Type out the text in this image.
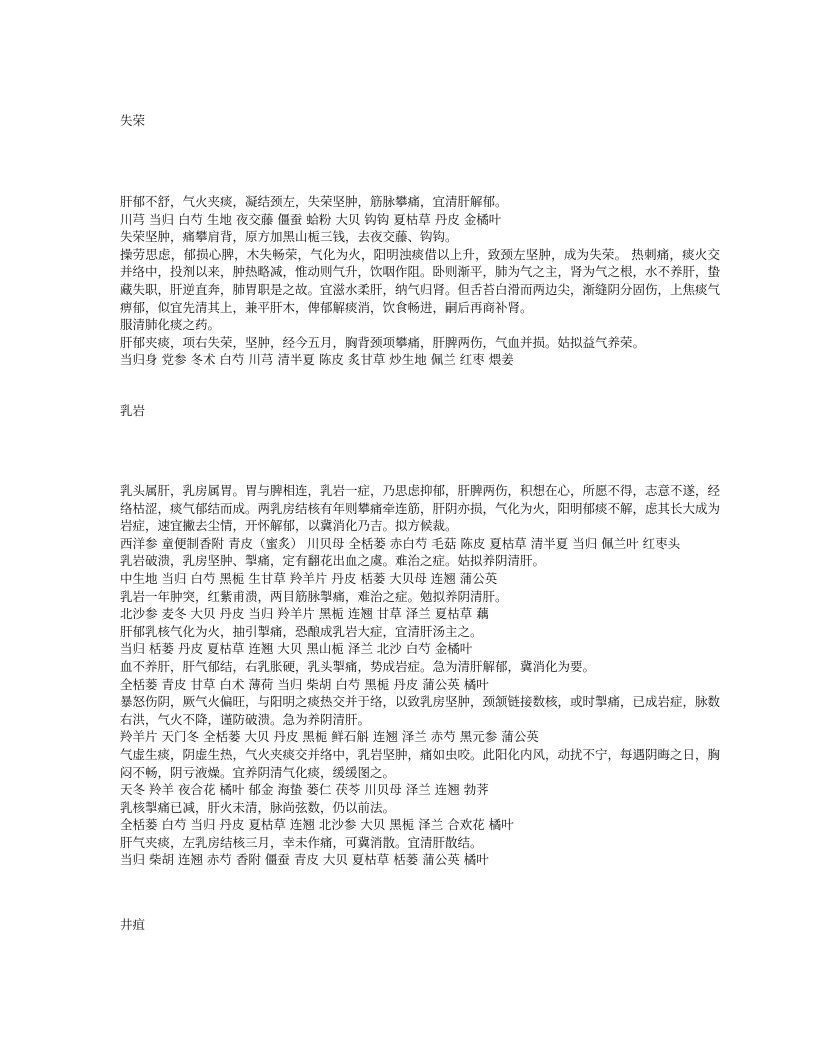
失荣

肝郁不舒，气火夹痰，凝结颈左，失荣坚肿，筋脉攀痛，宜清肝解郁。

川芎 当归 白芍 生地 夜交藤 僵蚕 蛤粉 大贝 钩钩 夏枯草 丹皮 金橘叶

失荣坚肿，痛攀肩背，原方加黑山栀三钱，去夜交藤、钩钩。

操劳思虑，郁损心脾，木失畅荣，气化为火，阳明浊痰借以上升，致颈左坚肿，成为失荣。 热刺痛，痰火交并络中，投剂以来，肿热略减，惟动则气升，饮咽作阻。卧则渐平，肺为气之主，肾为气之根，水不养肝，蛰藏失职，肝逆直奔，肺胃职是之故。宜滋水柔肝，纳气归肾。但舌苔白滑而两边尖，渐缝阴分固伤，上焦痰气痹郁，似宜先清其上，兼平肝木，俾郁解痰消，饮食畅进，嗣后再商补肾。

服清肺化痰之药。

肝郁夹痰，项右失荣，坚肿，经今五月，胸背颈项攀痛，肝脾两伤，气血并损。姑拟益气养荣。

当归身 党参 冬术 白芍 川芎 清半夏 陈皮 炙甘草 炒生地 佩兰 红枣 煨姜

乳岩

乳头属肝，乳房属胃。胃与脾相连，乳岩一症，乃思虑抑郁，肝脾两伤，积想在心，所愿不得，志意不遂，经络枯涩，痰气郁结而成。两乳房结核有年则攀痛牵连筋，肝阴亦损，气化为火，阳明郁痰不解，虑其长大成为岩症，速宜撇去尘情，开怀解郁，以冀消化乃吉。拟方候裁。

西洋参 童便制香附 青皮（蜜炙） 川贝母 全栝蒌 赤白芍 毛菇 陈皮 夏枯草 清半夏 当归 佩兰叶 红枣头

乳岩破溃，乳房坚肿、掣痛，定有翻花出血之虞。难治之症。姑拟养阴清肝。

中生地 当归 白芍 黑栀 生甘草 羚羊片 丹皮 栝蒌 大贝母 连翘 蒲公英

乳岩一年肿突，红紫甫溃，两目筋脉掣痛，难治之症。勉拟养阴清肝。

北沙参 麦冬 大贝 丹皮 当归 羚羊片 黑栀 连翘 甘草 泽兰 夏枯草 藕

肝郁乳核气化为火，抽引掣痛，恐酿成乳岩大症，宜清肝汤主之。

当归 栝蒌 丹皮 夏枯草 连翘 大贝 黑山栀 泽兰 北沙 白芍 金橘叶

血不养肝，肝气郁结，右乳胀硬，乳头掣痛，势成岩症。急为清肝解郁，冀消化为要。

全栝蒌 青皮 甘草 白术 薄荷 当归 柴胡 白芍 黑栀 丹皮 蒲公英 橘叶

暴怒伤阴，厥气火偏旺，与阳明之痰热交并于络，以致乳房坚肿，颈颔链接数核，或时掣痛，已成岩症，脉数右洪，气火不降，谨防破溃。急为养阴清肝。

羚羊片 天门冬 全栝蒌 大贝 丹皮 黑栀 鲜石斛 连翘 泽兰 赤芍 黑元参 蒲公英

气虚生痰，阴虚生热，气火夹痰交并络中，乳岩坚肿，痛如虫咬。此阳化内风，动扰不宁，每遇阴晦之日，胸闷不畅，阴亏液燥。宜养阴清气化痰，缓缓图之。

天冬 羚羊 夜合花 橘叶 郁金 海蛰 蒌仁 茯苓 川贝母 泽兰 连翘 勃荠

乳核掣痛已减，肝火未清，脉尚弦数，仍以前法。

全栝蒌 白芍 当归 丹皮 夏枯草 连翘 北沙参 大贝 黑栀 泽兰 合欢花 橘叶

肝气夹痰，左乳房结核三月，幸未作痛，可冀消散。宜清肝散结。

当归 柴胡 连翘 赤芍 香附 僵蚕 青皮 大贝 夏枯草 栝蒌 蒲公英 橘叶

井疽
